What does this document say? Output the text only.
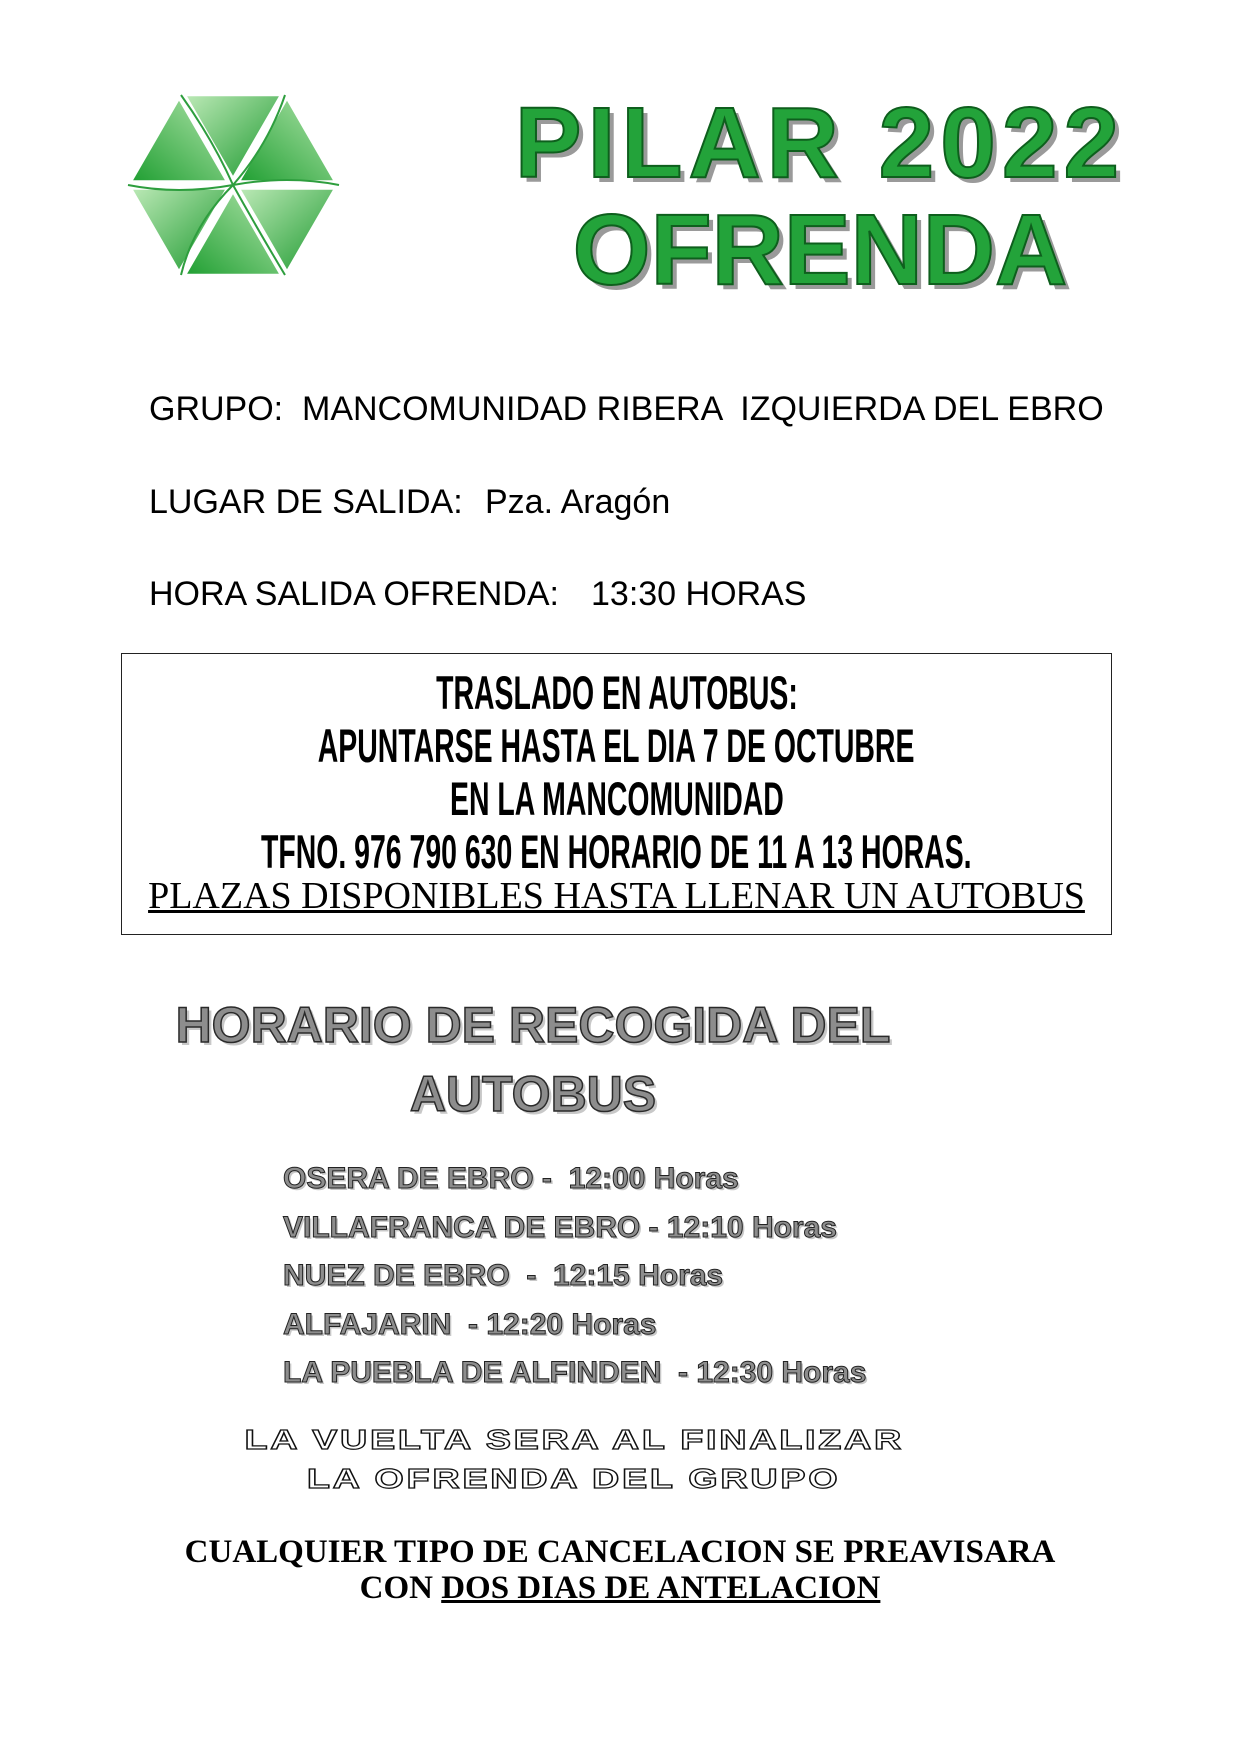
PILAR 2022
OFRENDA

GRUPO:

MANCOMUNIDAD RIBERA  IZQUIERDA DEL EBRO

LUGAR DE SALIDA:

Pza. Aragón

HORA SALIDA OFRENDA:

13:30 HORAS

TRASLADO EN AUTOBUS:
APUNTARSE HASTA EL DIA 7 DE OCTUBRE
EN LA MANCOMUNIDAD
TFNO. 976 790 630 EN HORARIO DE 11 A 13 HORAS.
PLAZAS DISPONIBLES HASTA LLENAR UN AUTOBUS
HORARIO DE RECOGIDA DEL
AUTOBUS
OSERA DE EBRO -  12:00 Horas
VILLAFRANCA DE EBRO - 12:10 Horas
NUEZ DE EBRO  -  12:15 Horas
ALFAJARIN  - 12:20 Horas
LA PUEBLA DE ALFINDEN  - 12:30 Horas
LA VUELTA SERA AL FINALIZAR
LA OFRENDA DEL GRUPO
CUALQUIER TIPO DE CANCELACION SE PREAVISARA
CON DOS DIAS DE ANTELACION
